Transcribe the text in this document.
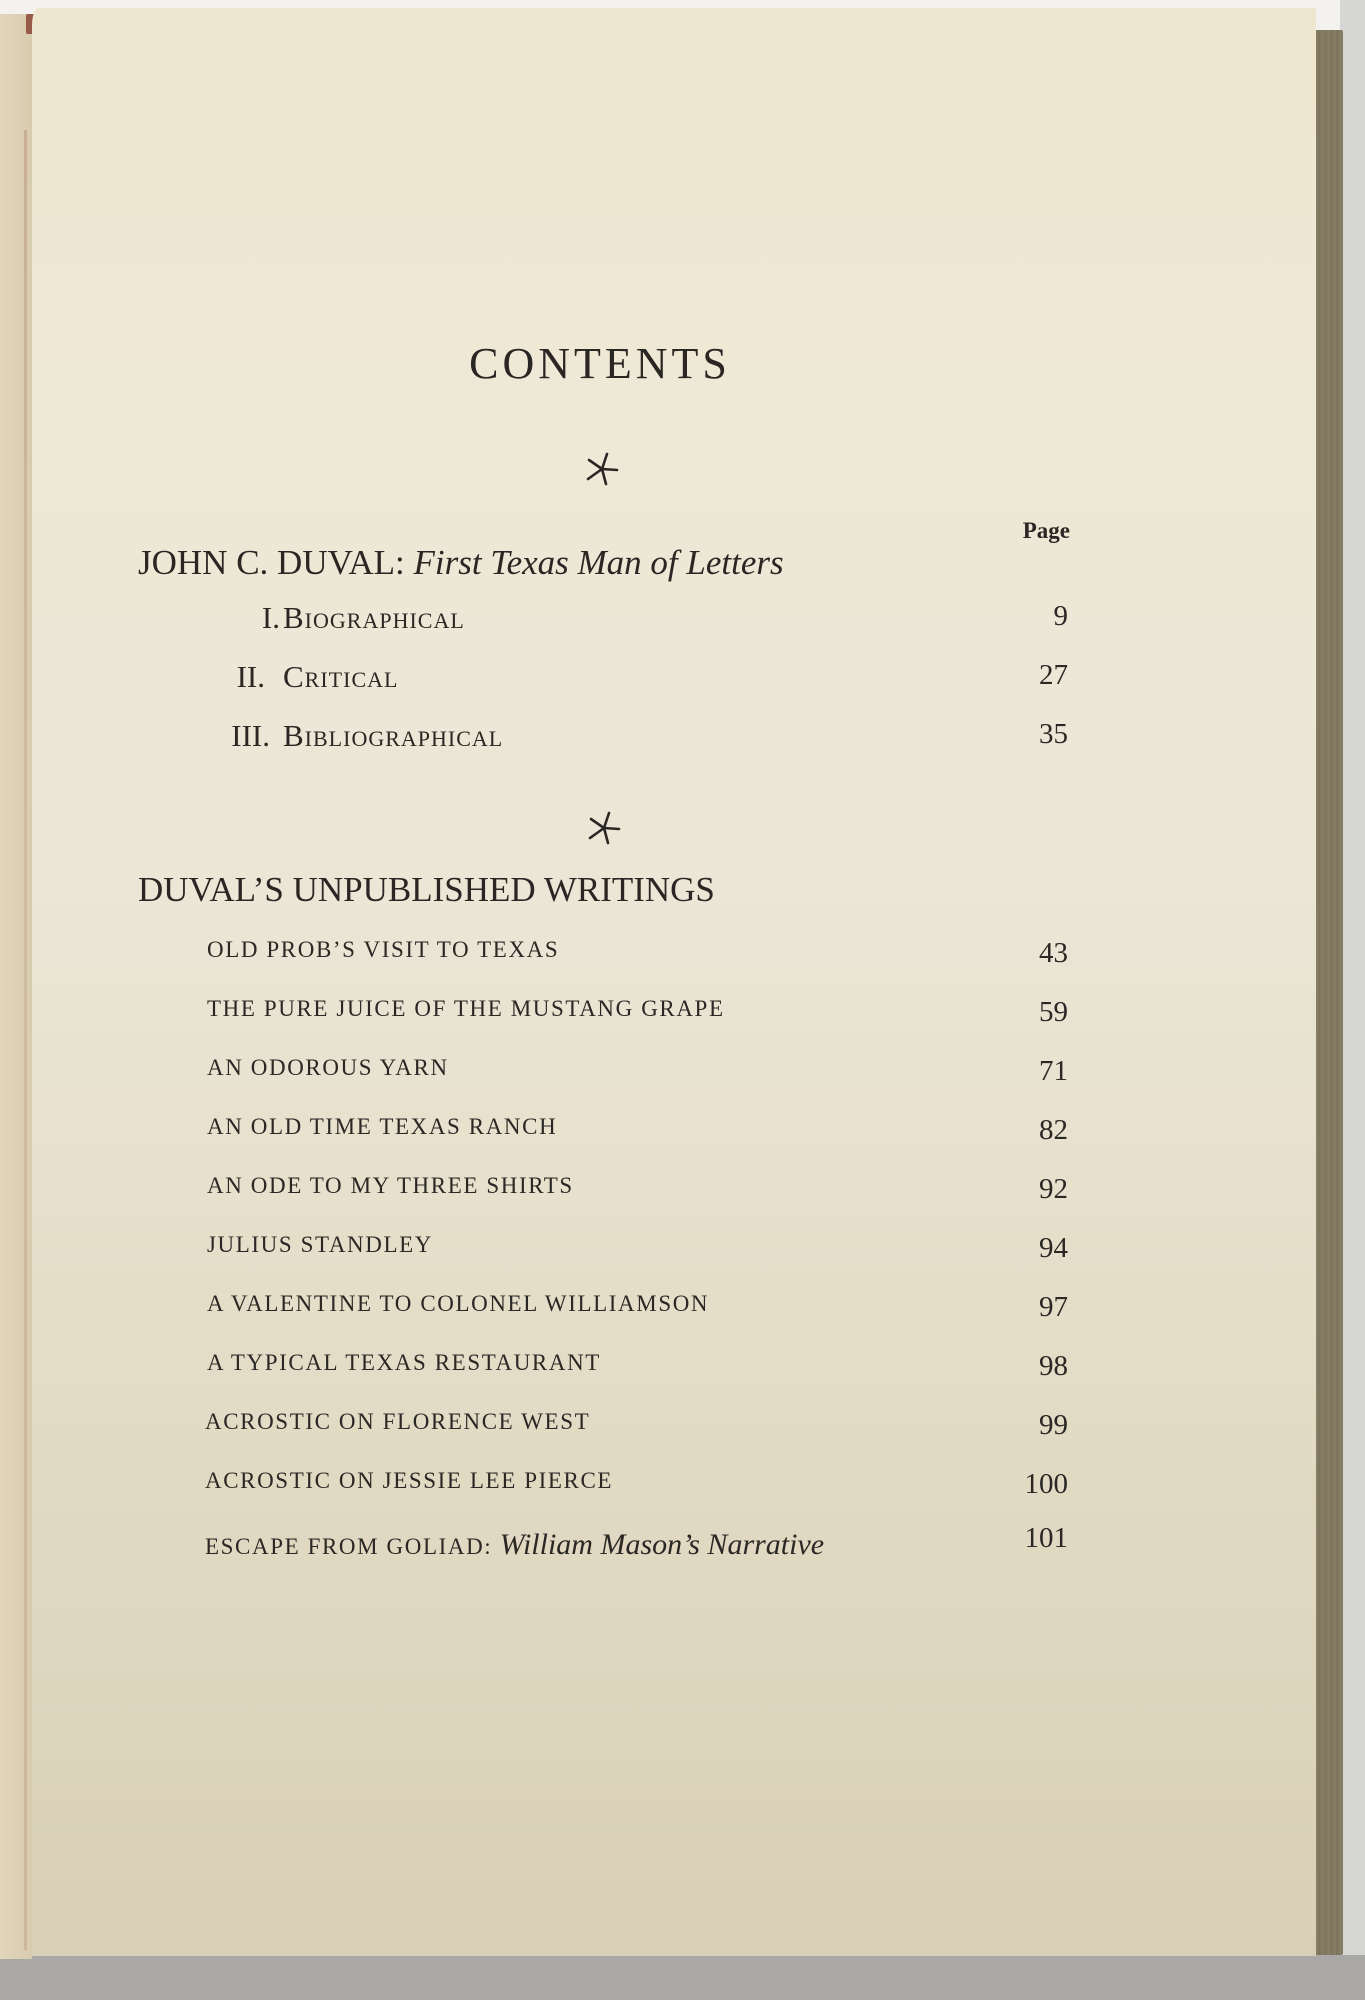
CONTENTS
Page
JOHN C. DUVAL: First Texas Man of Letters
I. Biographical	9
II. Critical	27
III. Bibliographical	35
DUVAL’S UNPUBLISHED WRITINGS
OLD PROB’S VISIT TO TEXAS	43
THE PURE JUICE OF THE MUSTANG GRAPE	59
AN ODOROUS YARN	71
AN OLD TIME TEXAS RANCH	82
AN ODE TO MY THREE SHIRTS	92
JULIUS STANDLEY	94
A VALENTINE TO COLONEL WILLIAMSON	97
A TYPICAL TEXAS RESTAURANT	98
ACROSTIC ON FLORENCE WEST	99
ACROSTIC ON JESSIE LEE PIERCE	100
ESCAPE FROM GOLIAD: William Mason’s Narrative	101
